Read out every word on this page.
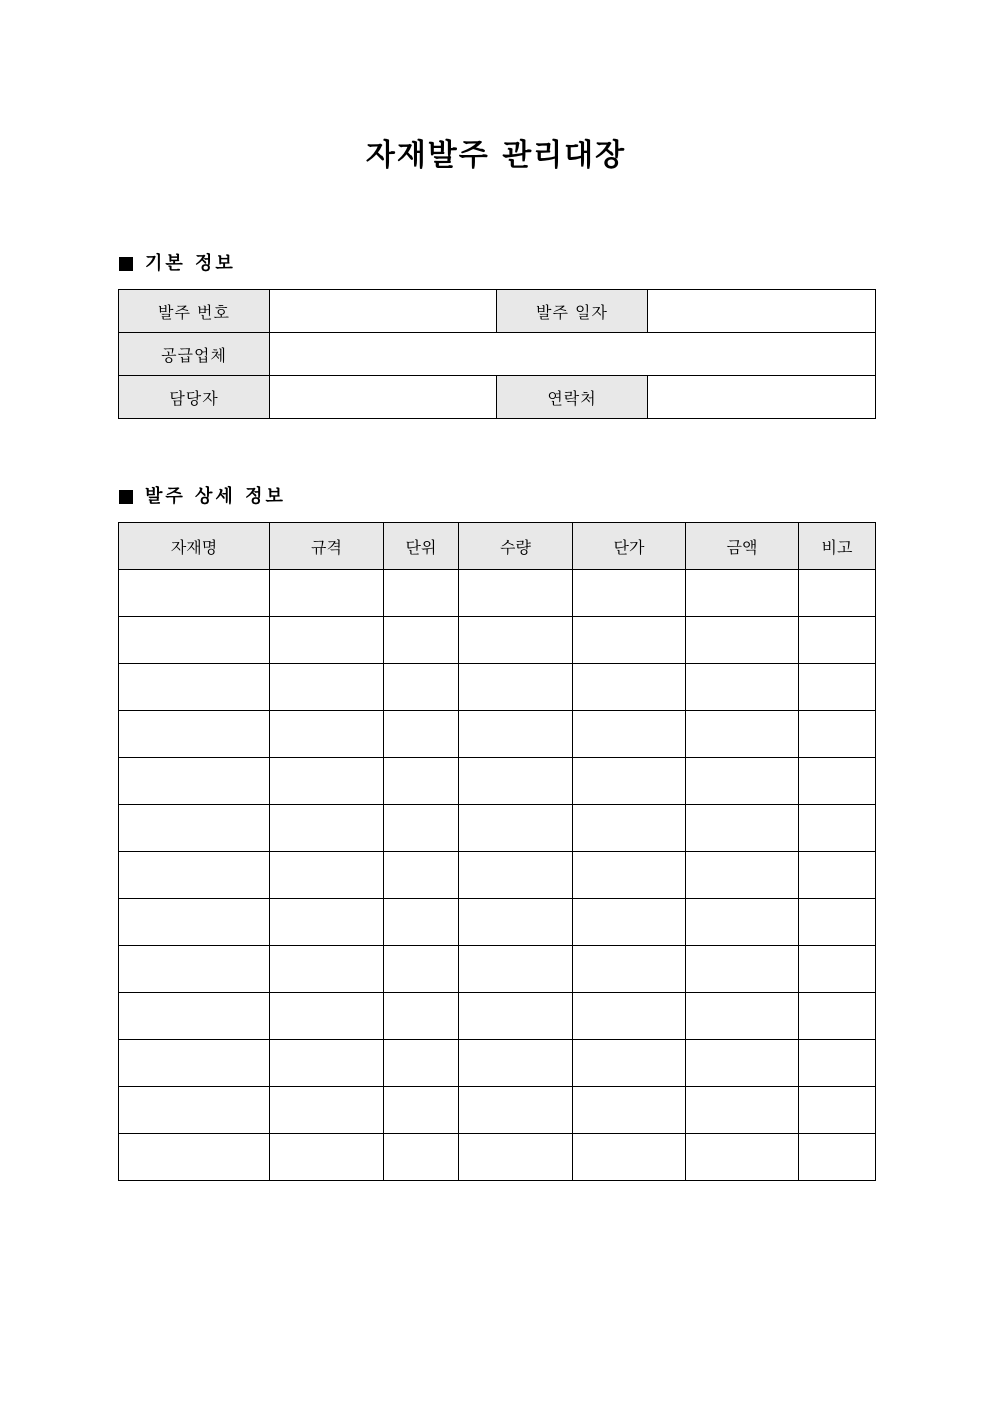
자재발주 관리대장
기본 정보
발주 번호		발주 일자	
공급업체			
담당자		연락처	
발주 상세 정보
자재명	규격	단위	수량	단가	금액	비고
